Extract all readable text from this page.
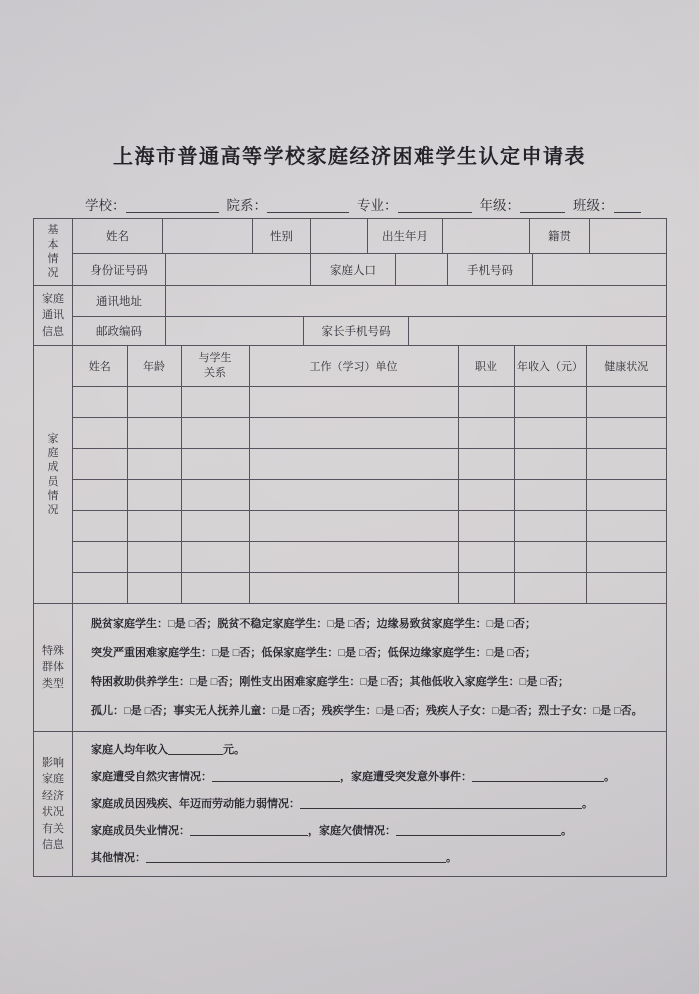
上海市普通高等学校家庭经济困难学生认定申请表
学校：	院系：	专业：	年级：	班级：
基本情况
姓名	性别	出生年月	籍贯
身份证号码	家庭人口	手机号码
家庭通讯信息
通讯地址
邮政编码	家长手机号码
家庭成员情况
姓名	年龄	与学生关系	工作（学习）单位	职业	年收入（元）	健康状况

特殊群体类型
脱贫家庭学生：□是 □否；脱贫不稳定家庭学生：□是 □否；边缘易致贫家庭学生：□是 □否；
突发严重困难家庭学生：□是 □否；低保家庭学生：□是 □否；低保边缘家庭学生：□是 □否；
特困救助供养学生：□是 □否；刚性支出困难家庭学生：□是 □否；其他低收入家庭学生：□是 □否；
孤儿：□是 □否；事实无人抚养儿童：□是 □否；残疾学生：□是 □否；残疾人子女：□是□否；烈士子女：□是 □否。
影响家庭经济状况有关信息
家庭人均年收入	元。
家庭遭受自然灾害情况：	，家庭遭受突发意外事件：	。
家庭成员因残疾、年迈而劳动能力弱情况：	。
家庭成员失业情况：	，家庭欠债情况：	。
其他情况：	。
